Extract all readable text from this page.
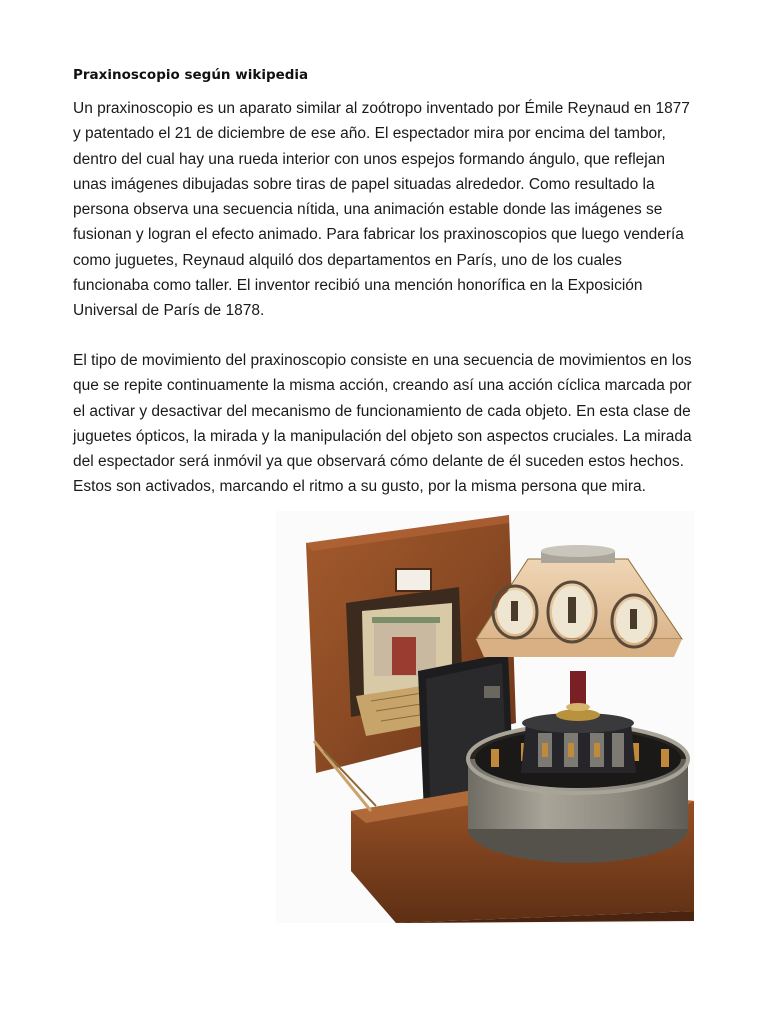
Praxinoscopio según wikipedia
Un praxinoscopio es un aparato similar al zoótropo inventado por Émile Reynaud en 1877
y patentado el 21 de diciembre de ese año. El espectador mira por encima del tambor,
dentro del cual hay una rueda interior con unos espejos formando ángulo, que reflejan
unas imágenes dibujadas sobre tiras de papel situadas alrededor. Como resultado la
persona observa una secuencia nítida, una animación estable donde las imágenes se
fusionan y logran el efecto animado. Para fabricar los praxinoscopios que luego vendería
como juguetes, Reynaud alquiló dos departamentos en París, uno de los cuales
funcionaba como taller. El inventor recibió una mención honorífica en la Exposición
Universal de París de 1878.
El tipo de movimiento del praxinoscopio consiste en una secuencia de movimientos en los
que se repite continuamente la misma acción, creando así una acción cíclica marcada por
el activar y desactivar del mecanismo de funcionamiento de cada objeto. En esta clase de
juguetes ópticos, la mirada y la manipulación del objeto son aspectos cruciales. La mirada
del espectador será inmóvil ya que observará cómo delante de él suceden estos hechos.
Estos son activados, marcando el ritmo a su gusto, por la misma persona que mira.
